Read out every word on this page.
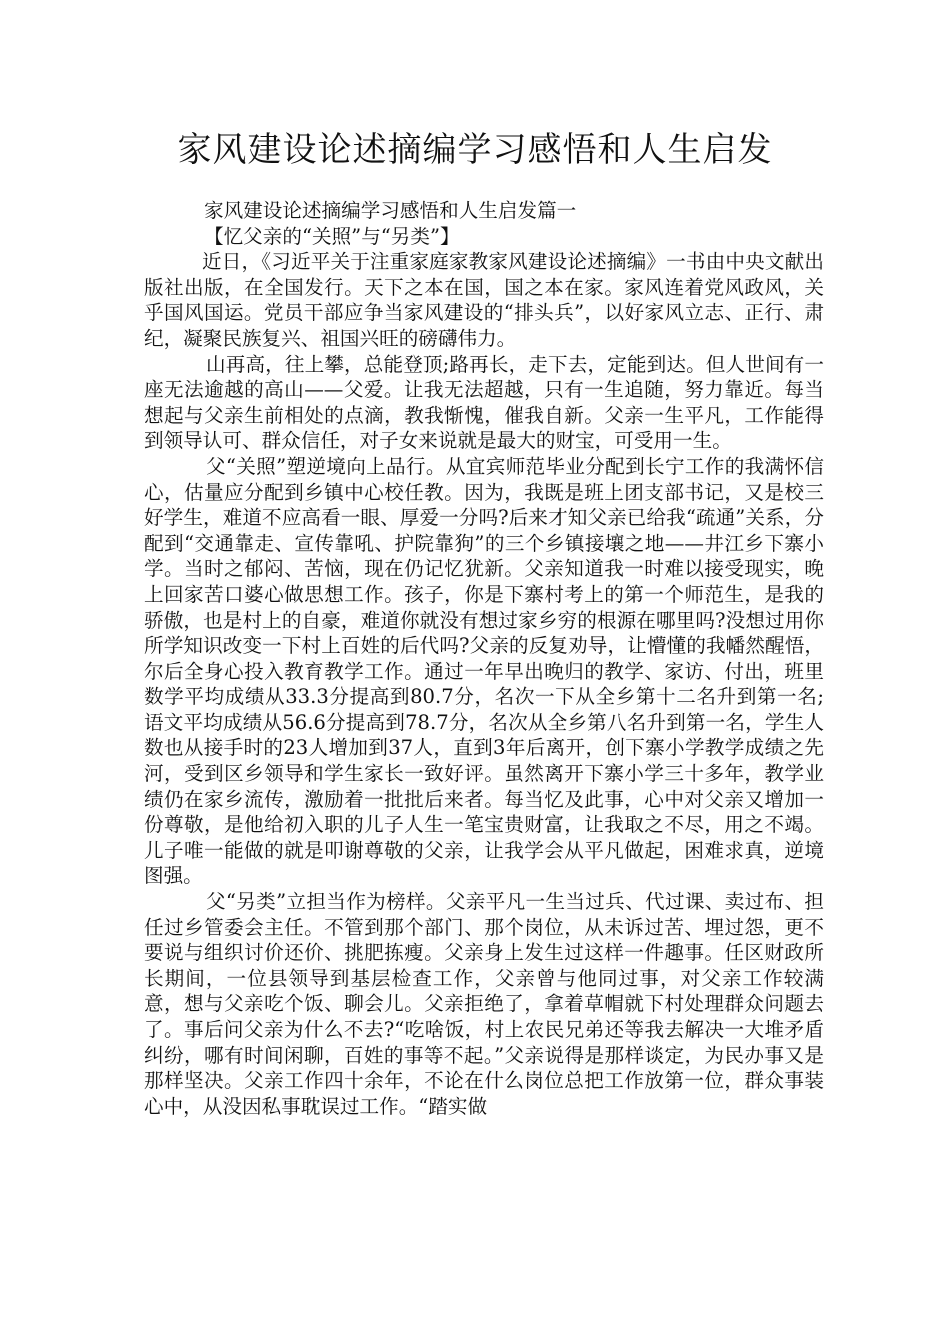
家风建设论述摘编学习感悟和人生启发

家风建设论述摘编学习感悟和人生启发篇一

【忆父亲的“关照”与“另类”】

近日，《习近平关于注重家庭家教家风建设论述摘编》一书由中央文献出版社出版，在全国发行。天下之本在国，国之本在家。家风连着党风政风，关乎国风国运。党员干部应争当家风建设的“排头兵”，以好家风立志、正行、肃纪，凝聚民族复兴、祖国兴旺的磅礴伟力。

山再高，往上攀，总能登顶;路再长，走下去，定能到达。但人世间有一座无法逾越的高山——父爱。让我无法超越，只有一生追随，努力靠近。每当想起与父亲生前相处的点滴，教我惭愧，催我自新。父亲一生平凡，工作能得到领导认可、群众信任，对子女来说就是最大的财宝，可受用一生。

父“关照”塑逆境向上品行。从宜宾师范毕业分配到长宁工作的我满怀信心，估量应分配到乡镇中心校任教。因为，我既是班上团支部书记，又是校三好学生，难道不应高看一眼、厚爱一分吗?后来才知父亲已给我“疏通”关系，分配到“交通靠走、宣传靠吼、护院靠狗”的三个乡镇接壤之地——井江乡下寨小学。当时之郁闷、苦恼，现在仍记忆犹新。父亲知道我一时难以接受现实，晚上回家苦口婆心做思想工作。孩子，你是下寨村考上的第一个师范生，是我的骄傲，也是村上的自豪，难道你就没有想过家乡穷的根源在哪里吗?没想过用你所学知识改变一下村上百姓的后代吗?父亲的反复劝导，让懵懂的我幡然醒悟，尔后全身心投入教育教学工作。通过一年早出晚归的教学、家访、付出，班里数学平均成绩从33.3分提高到80.7分，名次一下从全乡第十二名升到第一名;语文平均成绩从56.6分提高到78.7分，名次从全乡第八名升到第一名，学生人数也从接手时的23人增加到37人，直到3年后离开，创下寨小学教学成绩之先河，受到区乡领导和学生家长一致好评。虽然离开下寨小学三十多年，教学业绩仍在家乡流传，激励着一批批后来者。每当忆及此事，心中对父亲又增加一份尊敬，是他给初入职的儿子人生一笔宝贵财富，让我取之不尽，用之不竭。儿子唯一能做的就是叩谢尊敬的父亲，让我学会从平凡做起，困难求真，逆境图强。

父“另类”立担当作为榜样。父亲平凡一生当过兵、代过课、卖过布、担任过乡管委会主任。不管到那个部门、那个岗位，从未诉过苦、埋过怨，更不要说与组织讨价还价、挑肥拣瘦。父亲身上发生过这样一件趣事。任区财政所长期间，一位县领导到基层检查工作，父亲曾与他同过事，对父亲工作较满意，想与父亲吃个饭、聊会儿。父亲拒绝了，拿着草帽就下村处理群众问题去了。事后问父亲为什么不去?“吃啥饭，村上农民兄弟还等我去解决一大堆矛盾纠纷，哪有时间闲聊，百姓的事等不起。”父亲说得是那样谈定，为民办事又是那样坚决。父亲工作四十余年，不论在什么岗位总把工作放第一位，群众事装心中，从没因私事耽误过工作。“踏实做
